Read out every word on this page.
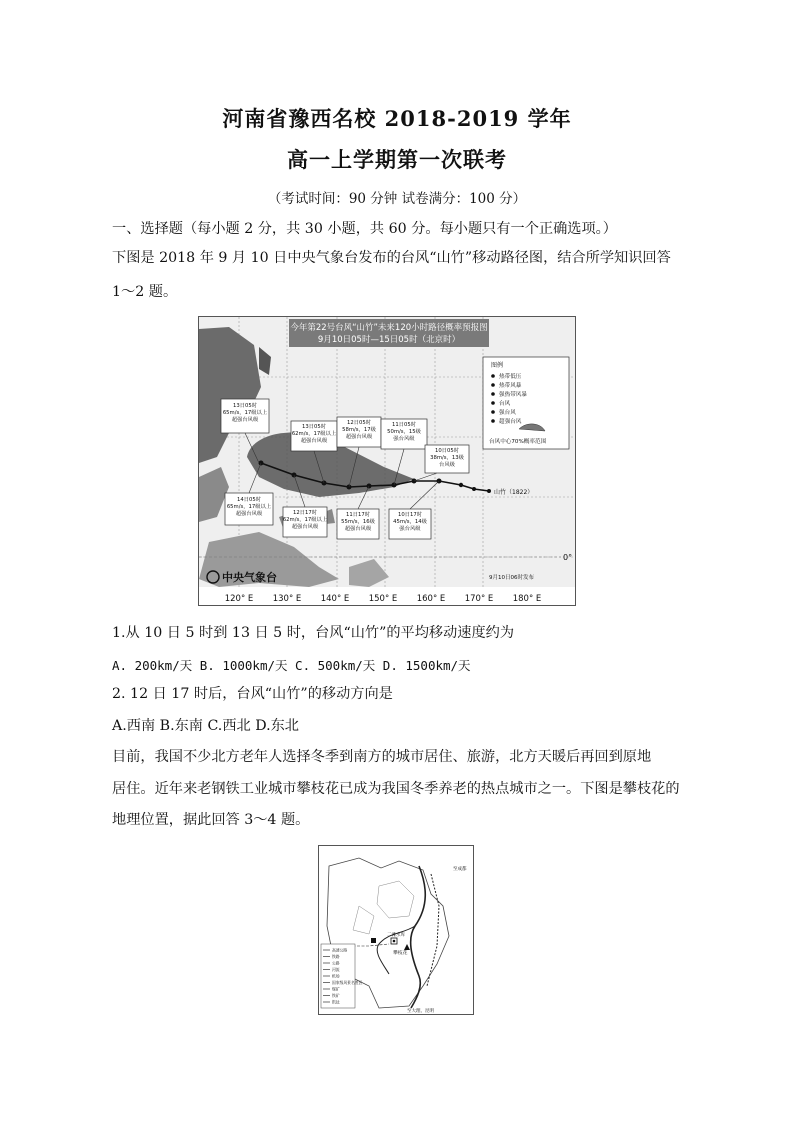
河南省豫西名校 2018-2019 学年
高一上学期第一次联考
（考试时间：90 分钟 试卷满分：100 分）
一、选择题（每小题 2 分，共 30 小题，共 60 分。每小题只有一个正确选项。）
下图是 2018 年 9 月 10 日中央气象台发布的台风“山竹”移动路径图，结合所学知识回答
1～2 题。
今年第22号台风“山竹”未来120小时路径概率预报图
9月10日05时—15日05时（北京时）
13日05时 65m/s，17级以上超强台风级
13日05时 62m/s，17级以上超强台风级
12日05时 58m/s，17级超强台风级
11日05时 50m/s，15级强台风级
10日05时 38m/s，13级台风级
14日05时 65m/s，17级以上超强台风级	12日17时 62m/s，17级以上超强台风级
11日17时 55m/s，16级超强台风级
10日17时 45m/s，14级强台风级
图例
热带低压
热带风暴
强热带风暴
台风
强台风
超强台风
台风中心70%概率范围
山竹（1822）
0°
中央气象台	9月10日06时发布
120° E 130° E 140° E 150° E 160° E 170° E 180° E
1.从 10 日 5 时到 13 日 5 时，台风“山竹”的平均移动速度约为
A. 200km/天 B. 1000km/天 C. 500km/天 D. 1500km/天
2. 12 日 17 时后，台风“山竹”的移动方向是
A.西南 B.东南 C.西北 D.东北
目前，我国不少北方老年人选择冬季到南方的城市居住、旅游，北方天暖后再回到原地
居住。近年来老钢铁工业城市攀枝花已成为我国冬季养老的热点城市之一。下图是攀枝花的
地理位置，据此回答 3～4 题。
二滩水库
攀枝花
至成都
至大理、昆明
高速公路
铁路
公路
河流
机场
国家级风景名胜区
煤矿
铁矿
钒钛
